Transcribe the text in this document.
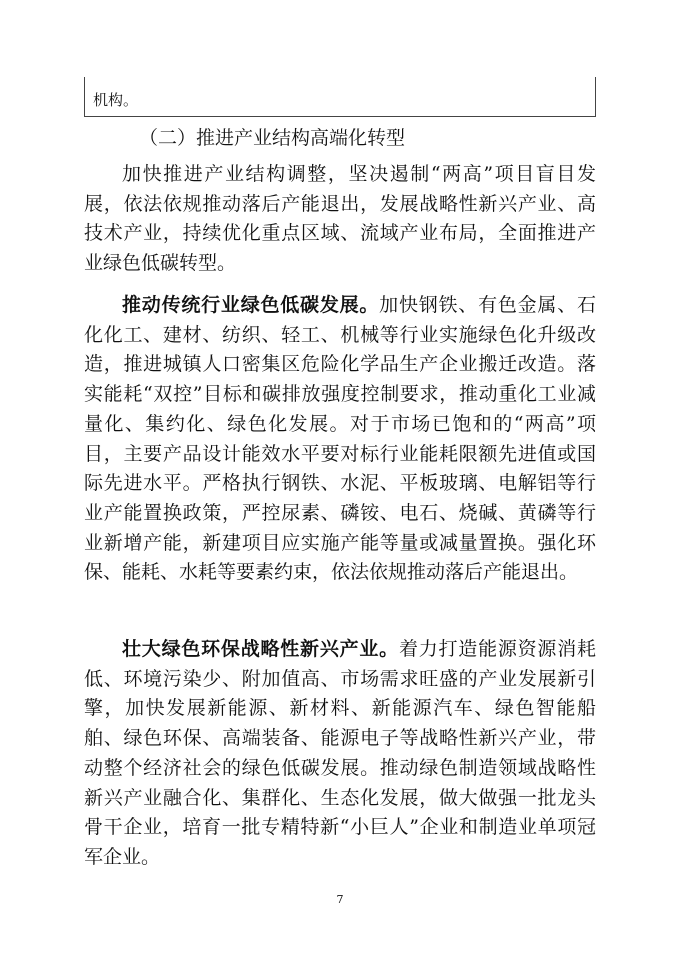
机构。
（二）推进产业结构高端化转型

加快推进产业结构调整，坚决遏制“两高”项目盲目发展，依法依规推动落后产能退出，发展战略性新兴产业、高技术产业，持续优化重点区域、流域产业布局，全面推进产业绿色低碳转型。

推动传统行业绿色低碳发展。加快钢铁、有色金属、石化化工、建材、纺织、轻工、机械等行业实施绿色化升级改造，推进城镇人口密集区危险化学品生产企业搬迁改造。落实能耗“双控”目标和碳排放强度控制要求，推动重化工业减量化、集约化、绿色化发展。对于市场已饱和的“两高”项目，主要产品设计能效水平要对标行业能耗限额先进值或国际先进水平。严格执行钢铁、水泥、平板玻璃、电解铝等行业产能置换政策，严控尿素、磷铵、电石、烧碱、黄磷等行业新增产能，新建项目应实施产能等量或减量置换。强化环保、能耗、水耗等要素约束，依法依规推动落后产能退出。

壮大绿色环保战略性新兴产业。着力打造能源资源消耗低、环境污染少、附加值高、市场需求旺盛的产业发展新引擎，加快发展新能源、新材料、新能源汽车、绿色智能船舶、绿色环保、高端装备、能源电子等战略性新兴产业，带动整个经济社会的绿色低碳发展。推动绿色制造领域战略性新兴产业融合化、集群化、生态化发展，做大做强一批龙头骨干企业，培育一批专精特新“小巨人”企业和制造业单项冠军企业。

7
